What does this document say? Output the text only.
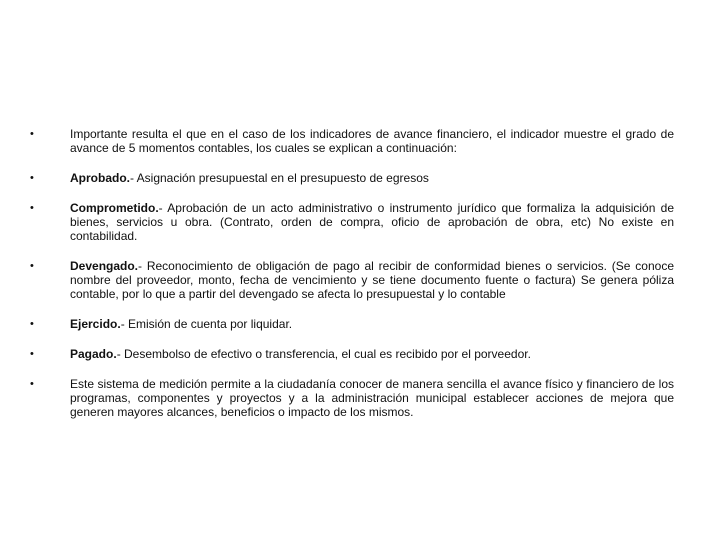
•	Importante resulta el que en el caso de los indicadores de avance financiero, el indicador muestre el grado de avance de 5 momentos contables, los cuales se explican a continuación:
•	Aprobado.- Asignación presupuestal en el presupuesto de egresos
•	Comprometido.- Aprobación de un acto administrativo o instrumento jurídico que formaliza la adquisición de bienes, servicios u obra. (Contrato, orden de compra, oficio de aprobación de obra, etc) No existe en contabilidad.
•	Devengado.- Reconocimiento de obligación de pago al recibir de conformidad bienes o servicios. (Se conoce nombre del proveedor, monto, fecha de vencimiento y se tiene documento fuente o factura) Se genera póliza contable, por lo que a partir del devengado se afecta lo presupuestal y lo contable
•	Ejercido.- Emisión de cuenta por liquidar.
•	Pagado.- Desembolso de efectivo o transferencia, el cual es recibido por el porveedor.
•	Este sistema de medición permite a la ciudadanía conocer de manera sencilla el avance físico y financiero de los programas, componentes y proyectos y a la administración municipal establecer acciones de mejora que generen mayores alcances, beneficios o impacto de los mismos.
